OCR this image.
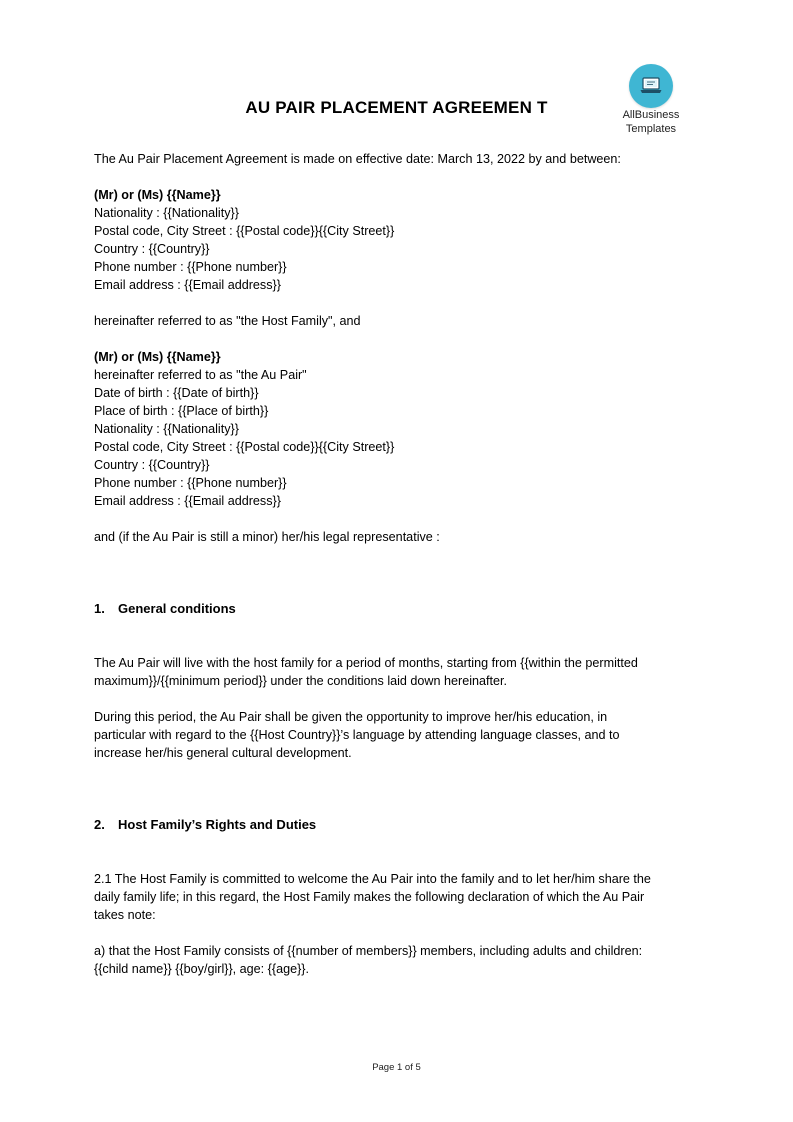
AllBusiness
Templates
AU PAIR PLACEMENT AGREEMEN T

The Au Pair Placement Agreement is made on effective date: March 13, 2022 by and between:

(Mr) or (Ms) {{Name}}

Nationality : {{Nationality}}

Postal code, City Street : {{Postal code}}{{City Street}}

Country : {{Country}}

Phone number : {{Phone number}}

Email address : {{Email address}}

hereinafter referred to as "the Host Family", and

(Mr) or (Ms) {{Name}}

hereinafter referred to as "the Au Pair"

Date of birth : {{Date of birth}}

Place of birth : {{Place of birth}}

Nationality : {{Nationality}}

Postal code, City Street : {{Postal code}}{{City Street}}

Country : {{Country}}

Phone number : {{Phone number}}

Email address : {{Email address}}

and (if the Au Pair is still a minor) her/his legal representative :

1. General conditions

The Au Pair will live with the host family for a period of months, starting from {{within the permitted

maximum}}/{{minimum period}} under the conditions laid down hereinafter.

During this period, the Au Pair shall be given the opportunity to improve her/his education, in

particular with regard to the {{Host Country}}’s language by attending language classes, and to

increase her/his general cultural development.

2. Host Family’s Rights and Duties

2.1 The Host Family is committed to welcome the Au Pair into the family and to let her/him share the

daily family life; in this regard, the Host Family makes the following declaration of which the Au Pair

takes note:

a) that the Host Family consists of {{number of members}} members, including adults and children:

{{child name}} {{boy/girl}}, age: {{age}}.

Page 1 of 5
